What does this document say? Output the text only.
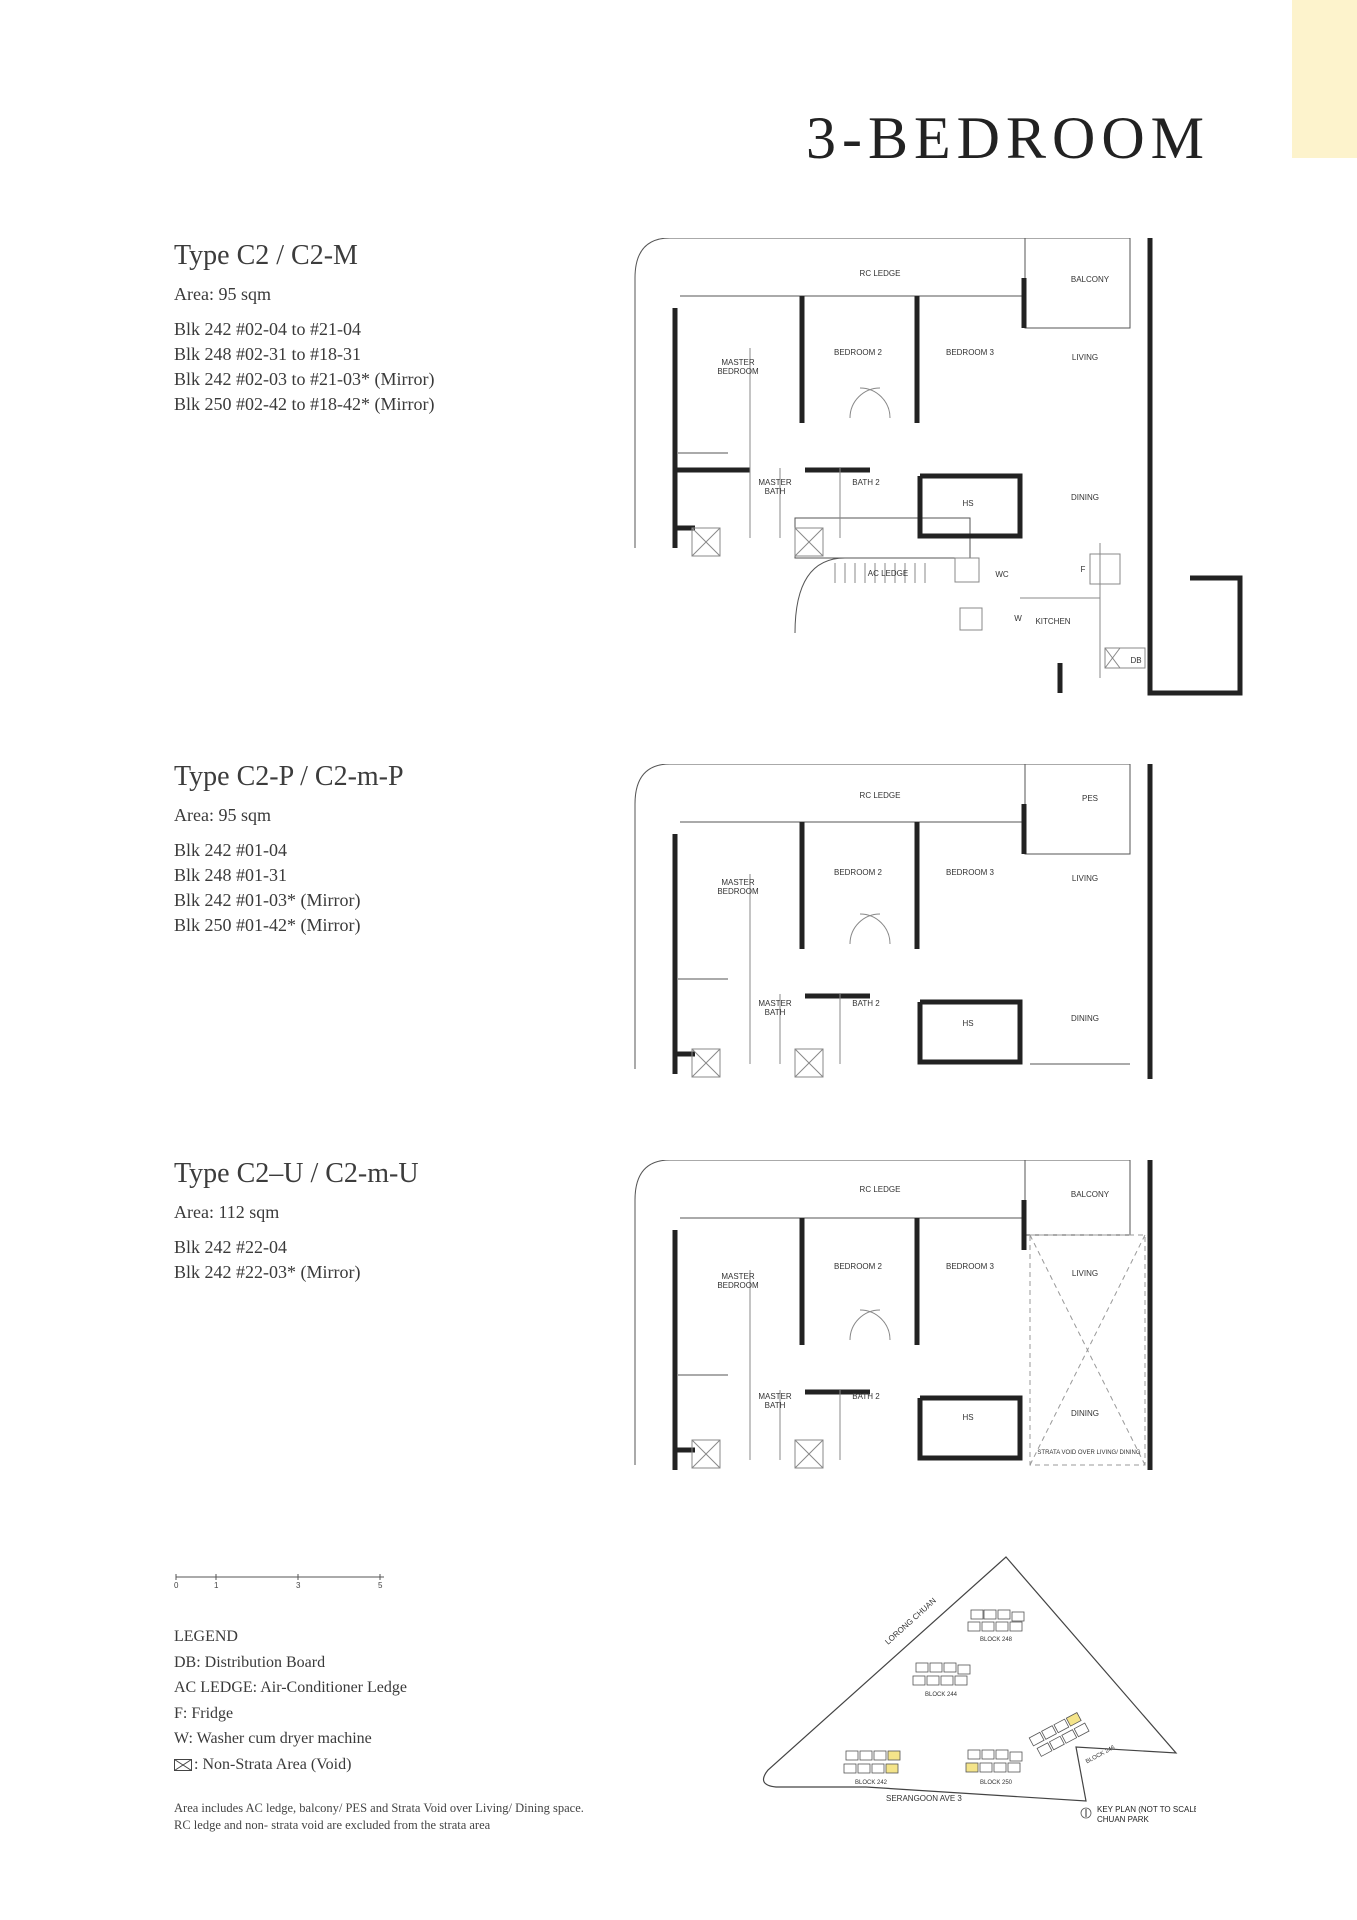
3-BEDROOM
Type C2 / C2-M
Area: 95 sqm
Blk 242 #02-04 to #21-04
Blk 248 #02-31 to #18-31
Blk 242 #02-03 to #21-03* (Mirror)
Blk 250 #02-42 to #18-42* (Mirror)
Type C2-P / C2-m-P
Area: 95 sqm
Blk 242 #01-04
Blk 248 #01-31
Blk 242 #01-03* (Mirror)
Blk 250 #01-42* (Mirror)
Type C2–U / C2-m-U
Area: 112 sqm
Blk 242 #22-04
Blk 242 #22-03* (Mirror)
RC LEDGE
BALCONY
LIVING
DINING
MASTER
BEDROOM
BEDROOM 2	BEDROOM 3
MASTER
BATH
BATH 2
HS
AC LEDGE	WC
W
F
KITCHEN
DB
RC LEDGE	PES
LIVING
DINING
MASTER
BEDROOM
BEDROOM 2	BEDROOM 3
MASTER
BATH
BATH 2
HS
RC LEDGE
BALCONY
LIVING
DINING
MASTER
BEDROOM
BEDROOM 2	BEDROOM 3
MASTER
BATH
BATH 2
HS
STRATA VOID OVER LIVING/ DINING
0	1	3	5
LEGEND
DB: Distribution Board
AC LEDGE: Air-Conditioner Ledge
F: Fridge
W: Washer cum dryer machine
: Non-Strata Area (Void)
Area includes AC ledge, balcony/ PES and Strata Void over Living/ Dining space.
RC ledge and non- strata void are excluded from the strata area
BLOCK 248
BLOCK 244
BLOCK 242	BLOCK 250
BLOCK 246
LORONG CHUAN
SERANGOON AVE 3
KEY PLAN (NOT TO SCALE)
CHUAN PARK
